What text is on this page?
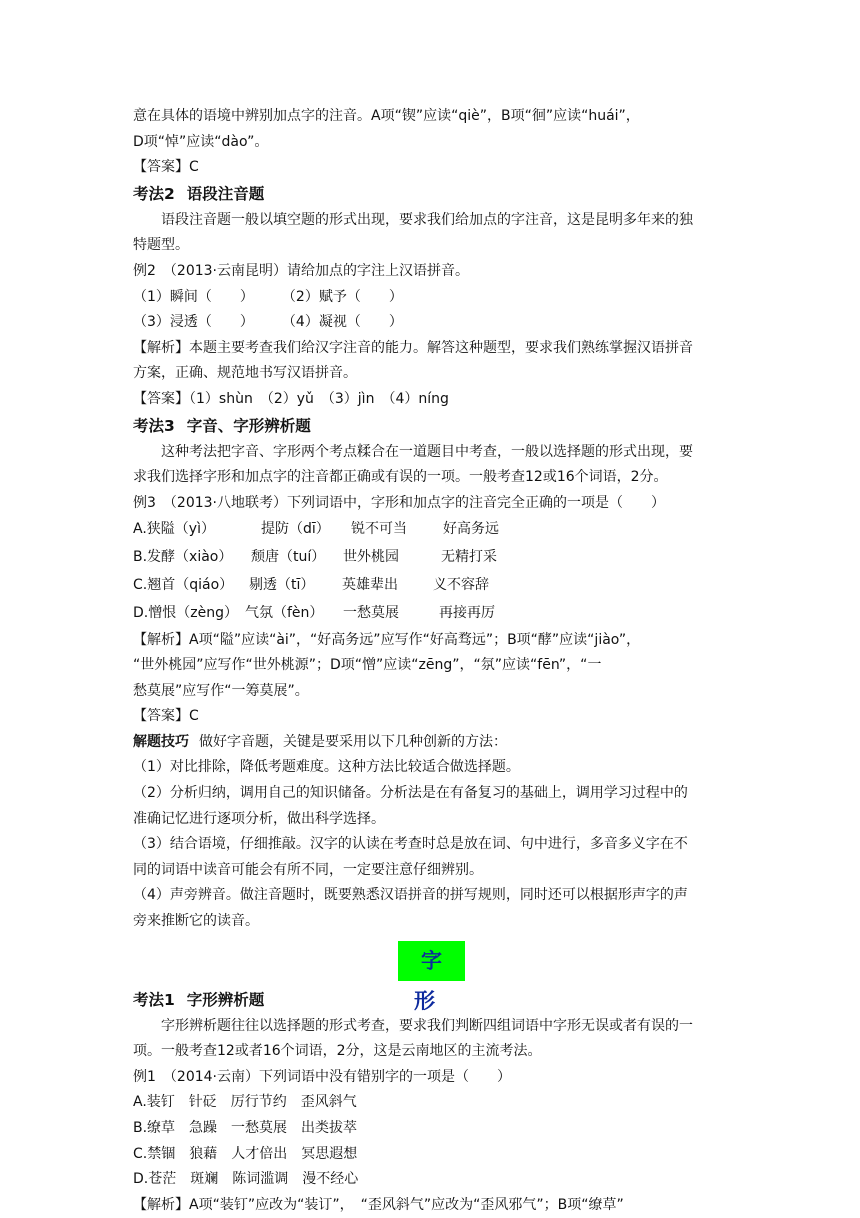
意在具体的语境中辨别加点字的注音。A项“锲”应读“qiè”，B项“徊”应读“huái”，
D项“悼”应读“dào”。
【答案】C
考法2 语段注音题
语段注音题一般以填空题的形式出现，要求我们给加点的字注音，这是昆明多年来的独
特题型。
例2　（2013·云南昆明）请给加点的字注上汉语拼音。
（1）瞬间（　　）　　　（2）赋予（　　）
（3）浸透（　　）　　　（4）凝视（　　）
【解析】本题主要考查我们给汉字注音的能力。解答这种题型，要求我们熟练掌握汉语拼音
方案，正确、规范地书写汉语拼音。
【答案】（1）shùn　（2）yǔ　（3）jìn　（4）níng
考法3 字音、字形辨析题
这种考法把字音、字形两个考点糅合在一道题目中考查，一般以选择题的形式出现，要
求我们选择字形和加点字的注音都正确或有误的一项。一般考查12或16个词语，2分。
例3　（2013·八地联考）下列词语中，字形和加点字的注音完全正确的一项是（　　）
A.狭隘（yì）	提防（dī） 锐不可当	好高务远
B.发酵（xiào） 颓唐（tuí） 世外桃园	无精打采
C.翘首（qiáo） 剔透（tī） 英雄辈出	义不容辞
D.憎恨（zèng） 气氛（fèn） 一愁莫展	再接再厉
【解析】A项“隘”应读“ài”，“好高务远”应写作“好高骛远”；B项“酵”应读“jiào”，
“世外桃园”应写作“世外桃源”；D项“憎”应读“zēng”，“氛”应读“fēn”，“一
愁莫展”应写作“一筹莫展”。
【答案】C
解题技巧 做好字音题，关键是要采用以下几种创新的方法：
（1）对比排除，降低考题难度。这种方法比较适合做选择题。
（2）分析归纳，调用自己的知识储备。分析法是在有备复习的基础上，调用学习过程中的
准确记忆进行逐项分析，做出科学选择。
（3）结合语境，仔细推敲。汉字的认读在考查时总是放在词、句中进行，多音多义字在不
同的词语中读音可能会有所不同，一定要注意仔细辨别。
（4）声旁辨音。做注音题时，既要熟悉汉语拼音的拼写规则，同时还可以根据形声字的声
旁来推断它的读音。
字形
考法1 字形辨析题
字形辨析题往往以选择题的形式考查，要求我们判断四组词语中字形无误或者有误的一
项。一般考查12或者16个词语，2分，这是云南地区的主流考法。
例1　（2014·云南）下列词语中没有错别字的一项是（　　）
A.装钉　针砭　厉行节约　歪风斜气
B.缭草　急躁　一愁莫展　出类拔萃
C.禁锢　狼藉　人才倍出　冥思遐想
D.苍茫　斑斓　陈词滥调　漫不经心
【解析】A项“装钉”应改为“装订”，　“歪风斜气”应改为“歪风邪气”；B项“缭草”
